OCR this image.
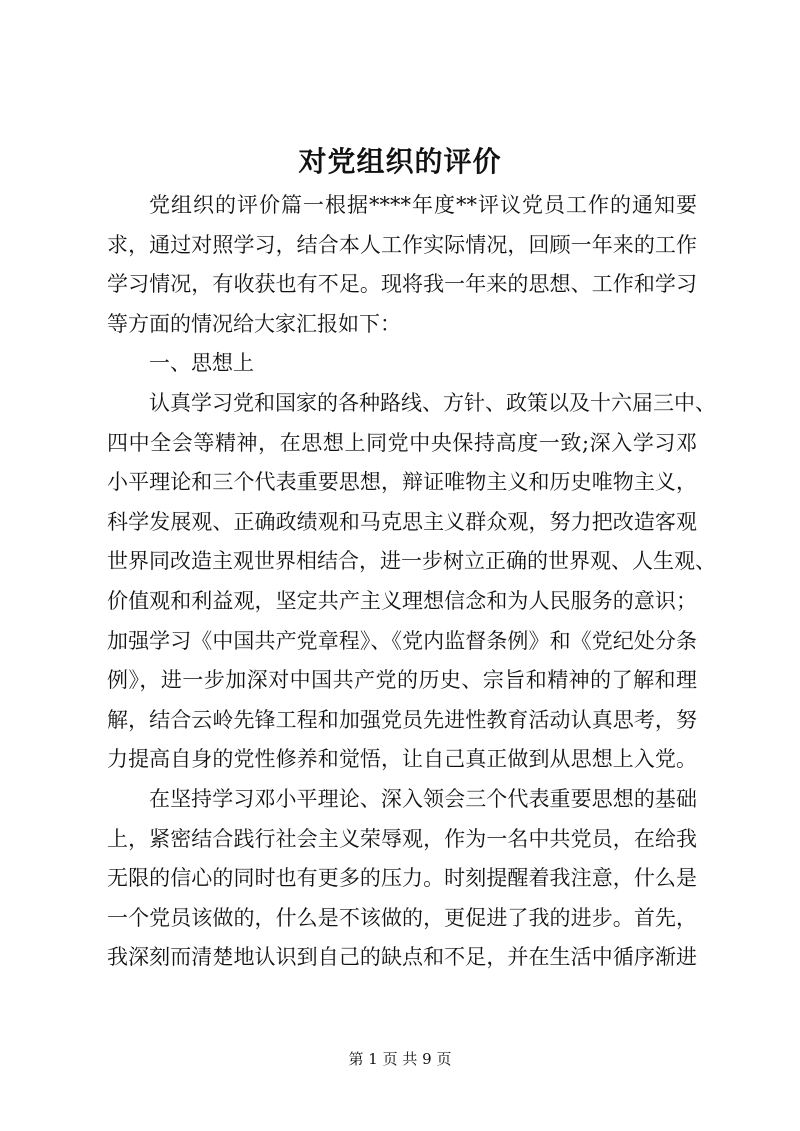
对党组织的评价
党组织的评价篇一根据****年度**评议党员工作的通知要
求，通过对照学习，结合本人工作实际情况，回顾一年来的工作
学习情况，有收获也有不足。现将我一年来的思想、工作和学习
等方面的情况给大家汇报如下：
一、思想上
认真学习党和国家的各种路线、方针、政策以及十六届三中、
四中全会等精神，在思想上同党中央保持高度一致;深入学习邓
小平理论和三个代表重要思想，辩证唯物主义和历史唯物主义，
科学发展观、正确政绩观和马克思主义群众观，努力把改造客观
世界同改造主观世界相结合，进一步树立正确的世界观、人生观、
价值观和利益观，坚定共产主义理想信念和为人民服务的意识；
加强学习《中国共产党章程》、《党内监督条例》和《党纪处分条
例》，进一步加深对中国共产党的历史、宗旨和精神的了解和理
解，结合云岭先锋工程和加强党员先进性教育活动认真思考，努
力提高自身的党性修养和觉悟，让自己真正做到从思想上入党。
在坚持学习邓小平理论、深入领会三个代表重要思想的基础
上，紧密结合践行社会主义荣辱观，作为一名中共党员，在给我
无限的信心的同时也有更多的压力。时刻提醒着我注意，什么是
一个党员该做的，什么是不该做的，更促进了我的进步。首先，
我深刻而清楚地认识到自己的缺点和不足，并在生活中循序渐进
第 1 页 共 9 页
